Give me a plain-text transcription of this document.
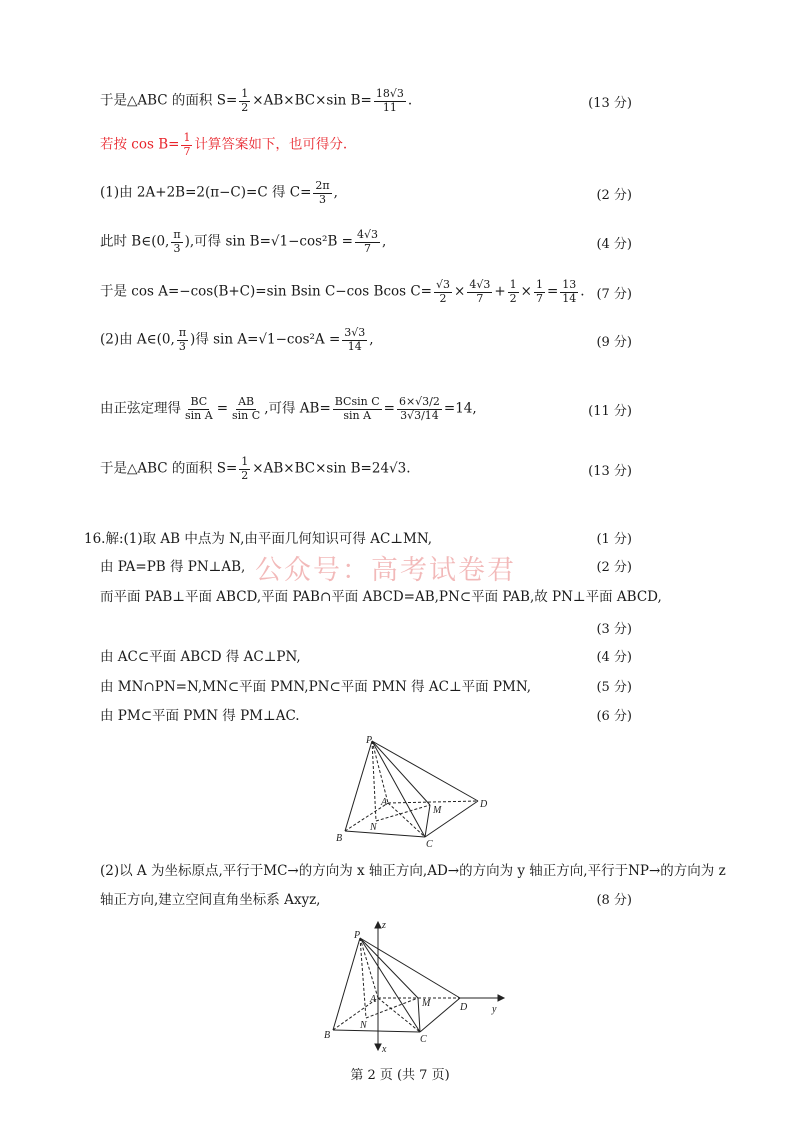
于是△ABC 的面积 $S= \frac{1}{2} \times AB\times BC\times\sin$ $B= \frac{18√3}{11}$ .	(13 分)
若按 $\cos B= \frac{1}{7}$ 计算答案如下，也可得分.
(1)由 2A+2B=2(π−C)=C 得 $C= \frac{2\pi}{3}$ ,	(2 分)
此时 B∈(0, $\frac{\pi}{3}$ ),可得 $\sin B=√1-\cos^2B = \frac{4√3}{7}$ ,	(4 分)
于是 cos A=−cos(B+C)=sin Bsin C−cos Bcos $C= \frac{√3}{2} \times \frac{4√3}{7} + \frac{1}{2} \times \frac{1}{7} = \frac{13}{14}$ . (7 分)
(2)由 A∈(0, $\frac{\pi}{3}$ )得 $\sin A=√1-\cos^2A = \frac{3√3}{14}$ ,	(9 分)
由正弦定理得 $\frac{BC}{\text{sin A}} = \frac{AB}{\text{sin C}}$ ,可得 $AB= \frac{\text{BCsin C}}{\text{sin A}} = \frac{6\times√3/2}{3√3/14} =14$,	(11 分)
于是△ABC 的面积 $S= \frac{1}{2} \times AB\times BC\times\sin$ B=24√3.	(13 分)
16.解:(1)取 AB 中点为 N,由平面几何知识可得 AC⊥MN,	(1 分)
由 PA=PB 得 PN⊥AB,	(2 分)
公众号：高考试卷君
而平面 PAB⊥平面 ABCD,平面 PAB∩平面 ABCD=AB,PN⊂平面 PAB,故 PN⊥平面 ABCD,
(3 分)
由 AC⊂平面 ABCD 得 AC⊥PN,	(4 分)
由 MN∩PN=N,MN⊂平面 PMN,PN⊂平面 PMN 得 AC⊥平面 PMN,	(5 分)
由 PM⊂平面 PMN 得 PM⊥AC.	(6 分)
P
A
M
D
B
N
C
(2)以 A 为坐标原点,平行于MC→的方向为 x 轴正方向,AD→的方向为 y 轴正方向,平行于NP→的方向为 z
轴正方向,建立空间直角坐标系 Axyz,	(8 分)
P
A	M	D
B
N
C
z
y
x
第 2 页 (共 7 页)
